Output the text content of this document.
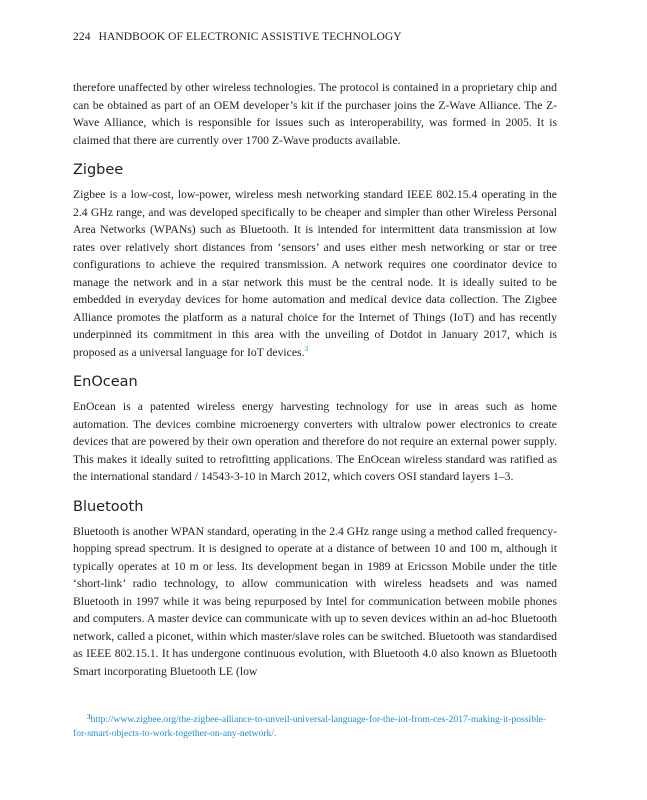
224 HANDBOOK OF ELECTRONIC ASSISTIVE TECHNOLOGY

therefore unaffected by other wireless technologies. The protocol is contained in a proprietary chip and can be obtained as part of an OEM developer’s kit if the purchaser joins the Z-Wave Alliance. The Z-Wave Alliance, which is responsible for issues such as interoperability, was formed in 2005. It is claimed that there are currently over 1700 Z-Wave products available.

Zigbee

Zigbee is a low-cost, low-power, wireless mesh networking standard IEEE 802.15.4 operating in the 2.4 GHz range, and was developed specifically to be cheaper and simpler than other Wireless Personal Area Networks (WPANs) such as Bluetooth. It is intended for intermittent data transmission at low rates over relatively short distances from ‘sensors’ and uses either mesh networking or star or tree configurations to achieve the required transmission. A network requires one coordinator device to manage the network and in a star network this must be the central node. It is ideally suited to be embedded in everyday devices for home automation and medical device data collection. The Zigbee Alliance promotes the platform as a natural choice for the Internet of Things (IoT) and has recently underpinned its commitment in this area with the unveiling of Dotdot in January 2017, which is proposed as a universal language for IoT devices.$^3$

EnOcean

EnOcean is a patented wireless energy harvesting technology for use in areas such as home automation. The devices combine microenergy converters with ultralow power electronics to create devices that are powered by their own operation and therefore do not require an external power supply. This makes it ideally suited to retrofitting applications. The EnOcean wireless standard was ratified as the international standard / 14543-3-10 in March 2012, which covers OSI standard layers 1–3.

Bluetooth

Bluetooth is another WPAN standard, operating in the 2.4 GHz range using a method called frequency-hopping spread spectrum. It is designed to operate at a distance of between 10 and 100 m, although it typically operates at 10 m or less. Its development began in 1989 at Ericsson Mobile under the title ‘short-link’ radio technology, to allow communication with wireless headsets and was named Bluetooth in 1997 while it was being repurposed by Intel for communication between mobile phones and computers. A master device can communicate with up to seven devices within an ad-hoc Bluetooth network, called a piconet, within which master/slave roles can be switched. Bluetooth was standardised as IEEE 802.15.1. It has undergone continuous evolution, with Bluetooth 4.0 also known as Bluetooth Smart incorporating Bluetooth LE (low

$^3$http://www.zigbee.org/the-zigbee-alliance-to-unveil-universal-language-for-the-iot-from-ces-2017-making-it-possible-for-smart-objects-to-work-together-on-any-network/.
